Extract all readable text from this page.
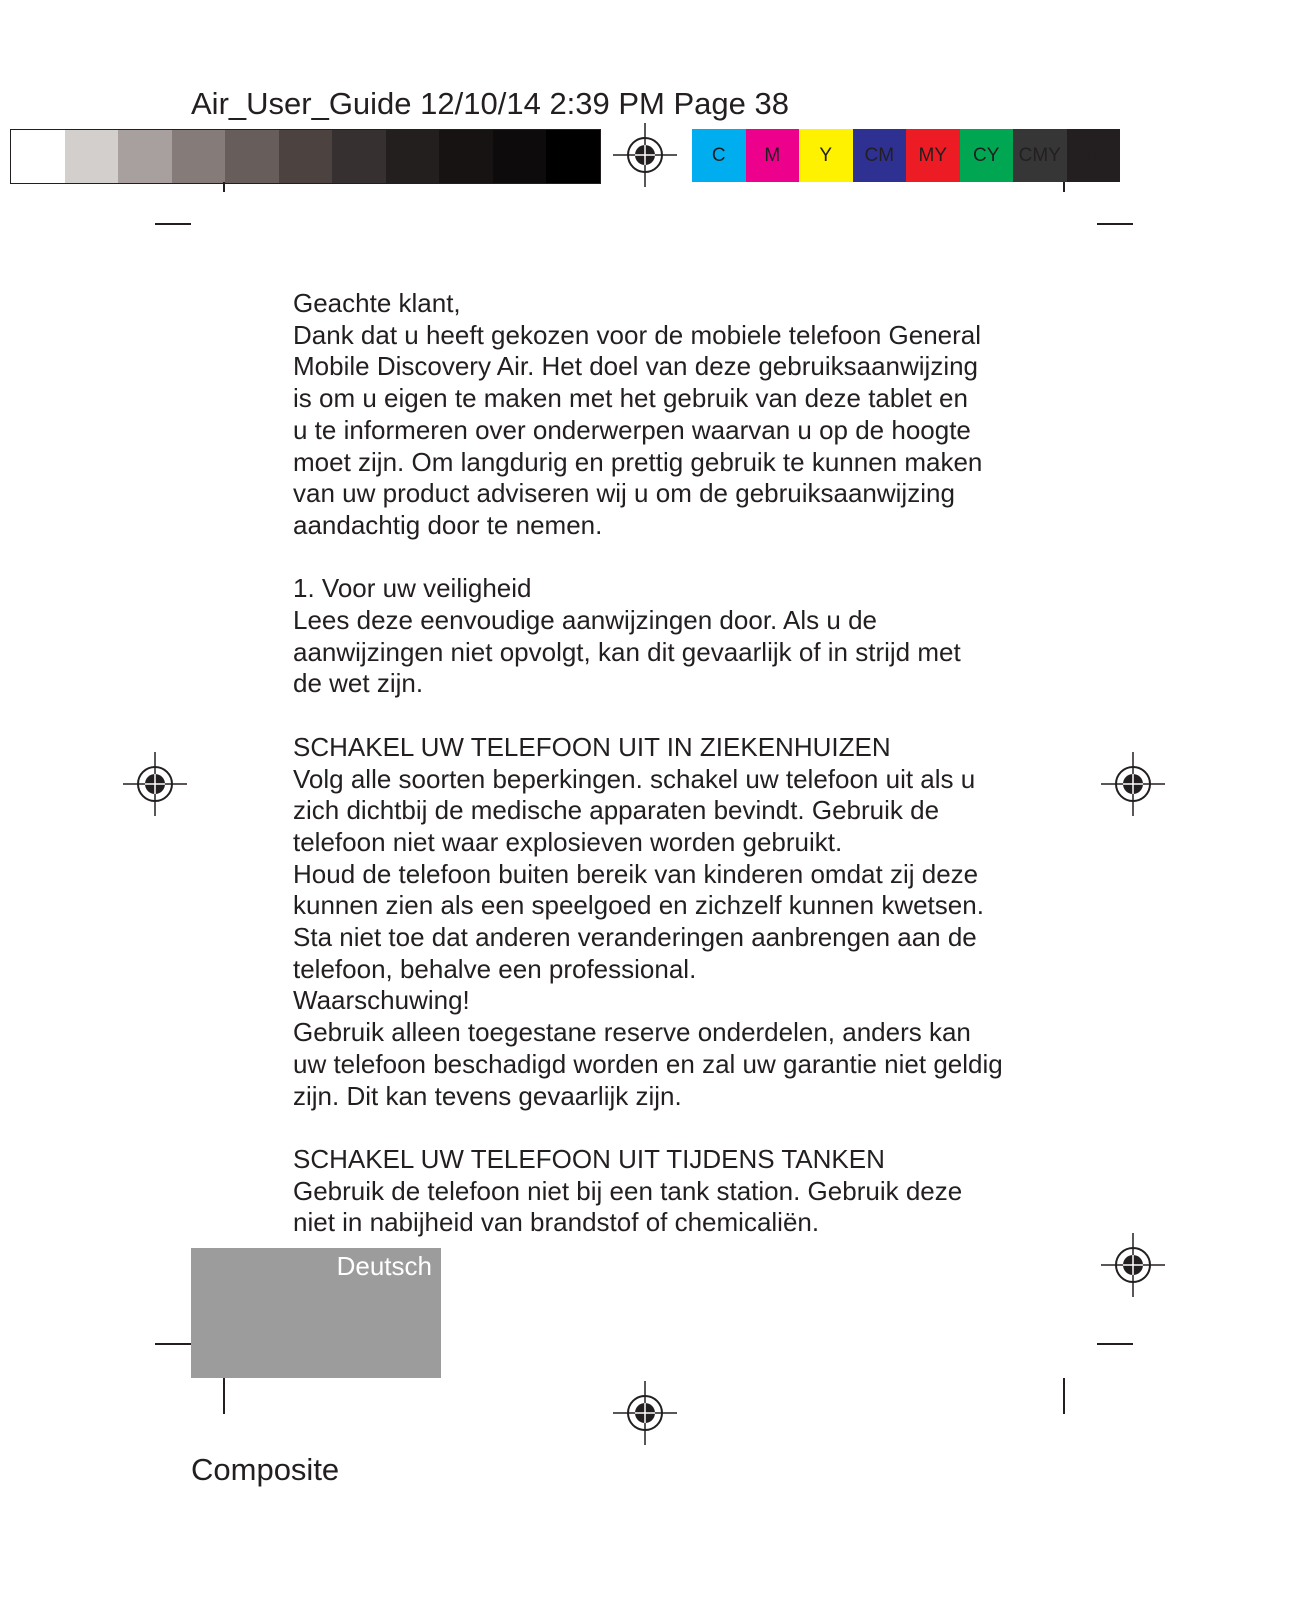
Air_User_Guide 12/10/14 2:39 PM Page 38
C	M	Y	CM	MY	CY	CMY	K

Geachte klant,

Dank dat u heeft gekozen voor de mobiele telefoon General
Mobile Discovery Air. Het doel van deze gebruiksaanwijzing
is om u eigen te maken met het gebruik van deze tablet en
u te informeren over onderwerpen waarvan u op de hoogte
moet zijn. Om langdurig en prettig gebruik te kunnen maken
van uw product adviseren wij u om de gebruiksaanwijzing
aandachtig door te nemen.

1. Voor uw veiligheid

Lees deze eenvoudige aanwijzingen door. Als u de
aanwijzingen niet opvolgt, kan dit gevaarlijk of in strijd met
de wet zijn.

SCHAKEL UW TELEFOON UIT IN ZIEKENHUIZEN

Volg alle soorten beperkingen. schakel uw telefoon uit als u
zich dichtbij de medische apparaten bevindt. Gebruik de
telefoon niet waar explosieven worden gebruikt.
Houd de telefoon buiten bereik van kinderen omdat zij deze
kunnen zien als een speelgoed en zichzelf kunnen kwetsen.
Sta niet toe dat anderen veranderingen aanbrengen aan de
telefoon, behalve een professional.

Waarschuwing!

Gebruik alleen toegestane reserve onderdelen, anders kan
uw telefoon beschadigd worden en zal uw garantie niet geldig
zijn. Dit kan tevens gevaarlijk zijn.

SCHAKEL UW TELEFOON UIT TIJDENS TANKEN

Gebruik de telefoon niet bij een tank station. Gebruik deze
niet in nabijheid van brandstof of chemicaliën.

Deutsch
Composite
